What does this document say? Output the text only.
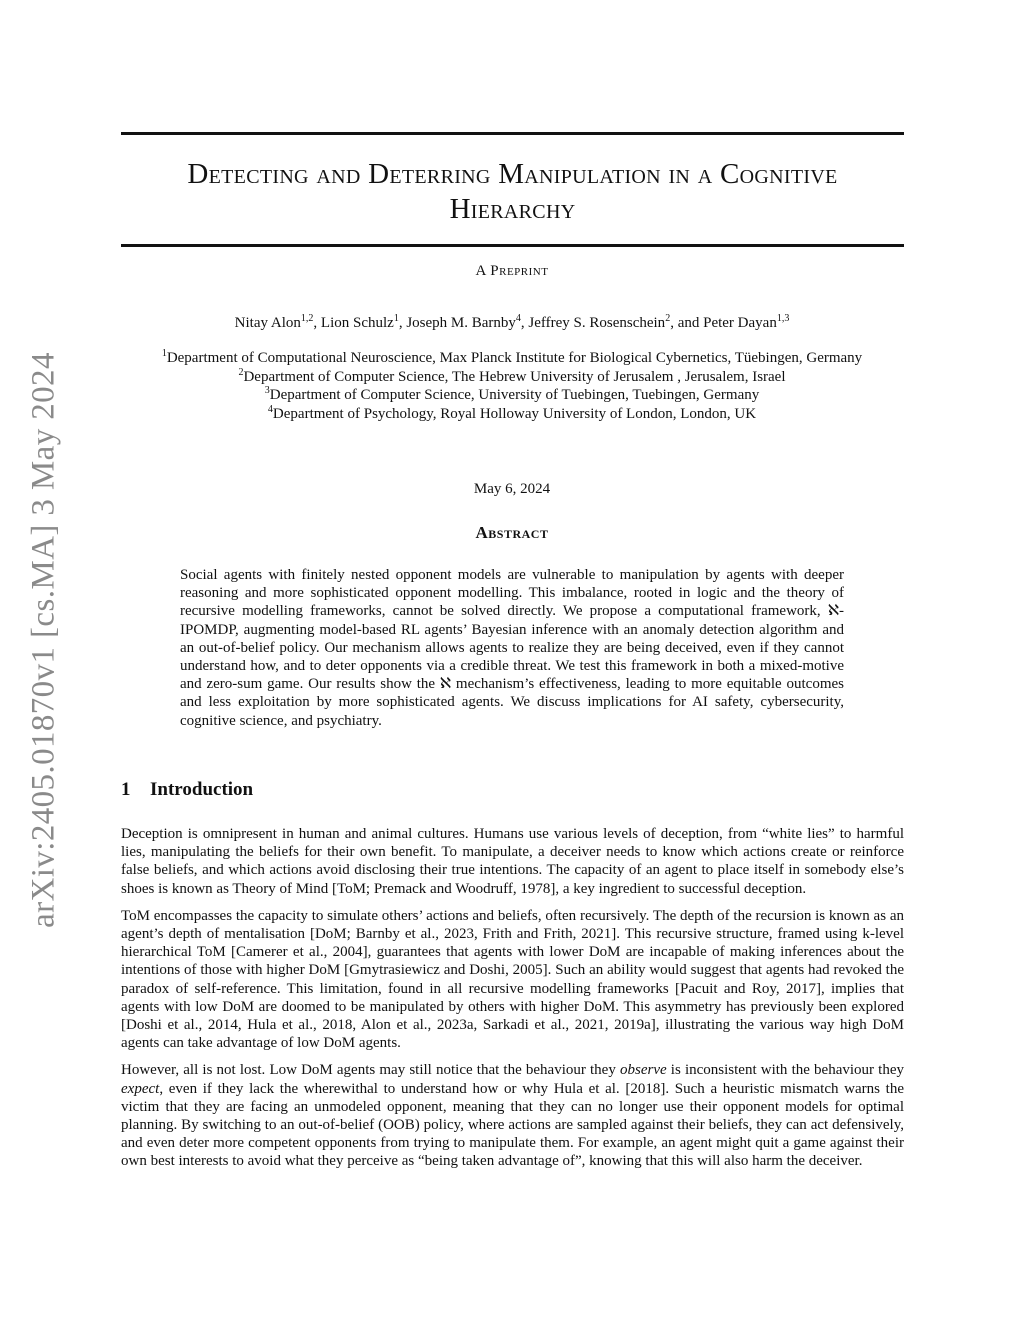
arXiv:2405.01870v1 [cs.MA] 3 May 2024
Detecting and Deterring Manipulation in a Cognitive
Hierarchy
A Preprint
Nitay Alon$^{1,2}$, Lion Schulz$^1$, Joseph M. Barnby$^4$, Jeffrey S. Rosenschein$^2$, and Peter Dayan$^{1,3}$
$^1$Department of Computational Neuroscience, Max Planck Institute for Biological Cybernetics, Tüebingen, Germany
$^2$Department of Computer Science, The Hebrew University of Jerusalem , Jerusalem, Israel
$^3$Department of Computer Science, University of Tuebingen, Tuebingen, Germany
$^4$Department of Psychology, Royal Holloway University of London, London, UK
May 6, 2024
Abstract
Social agents with finitely nested opponent models are vulnerable to manipulation by agents with deeper reasoning and more sophisticated opponent modelling. This imbalance, rooted in logic and the theory of recursive modelling frameworks, cannot be solved directly. We propose a computational framework, ℵ-IPOMDP, augmenting model-based RL agents’ Bayesian inference with an anomaly detection algorithm and an out-of-belief policy. Our mechanism allows agents to realize they are being deceived, even if they cannot understand how, and to deter opponents via a credible threat. We test this framework in both a mixed-motive and zero-sum game. Our results show the ℵ mechanism’s effectiveness, leading to more equitable outcomes and less exploitation by more sophisticated agents. We discuss implications for AI safety, cybersecurity, cognitive science, and psychiatry.
1 Introduction

Deception is omnipresent in human and animal cultures. Humans use various levels of deception, from “white lies” to harmful lies, manipulating the beliefs for their own benefit. To manipulate, a deceiver needs to know which actions create or reinforce false beliefs, and which actions avoid disclosing their true intentions. The capacity of an agent to place itself in somebody else’s shoes is known as Theory of Mind [ToM; Premack and Woodruff, 1978], a key ingredient to successful deception.

ToM encompasses the capacity to simulate others’ actions and beliefs, often recursively. The depth of the recursion is known as an agent’s depth of mentalisation [DoM; Barnby et al., 2023, Frith and Frith, 2021]. This recursive structure, framed using k-level hierarchical ToM [Camerer et al., 2004], guarantees that agents with lower DoM are incapable of making inferences about the intentions of those with higher DoM [Gmytrasiewicz and Doshi, 2005]. Such an ability would suggest that agents had revoked the paradox of self-reference. This limitation, found in all recursive modelling frameworks [Pacuit and Roy, 2017], implies that agents with low DoM are doomed to be manipulated by others with higher DoM. This asymmetry has previously been explored [Doshi et al., 2014, Hula et al., 2018, Alon et al., 2023a, Sarkadi et al., 2021, 2019a], illustrating the various way high DoM agents can take advantage of low DoM agents.

However, all is not lost. Low DoM agents may still notice that the behaviour they observe is inconsistent with the behaviour they expect, even if they lack the wherewithal to understand how or why Hula et al. [2018]. Such a heuristic mismatch warns the victim that they are facing an unmodeled opponent, meaning that they can no longer use their opponent models for optimal planning. By switching to an out-of-belief (OOB) policy, where actions are sampled against their beliefs, they can act defensively, and even deter more competent opponents from trying to manipulate them. For example, an agent might quit a game against their own best interests to avoid what they perceive as “being taken advantage of”, knowing that this will also harm the deceiver.
